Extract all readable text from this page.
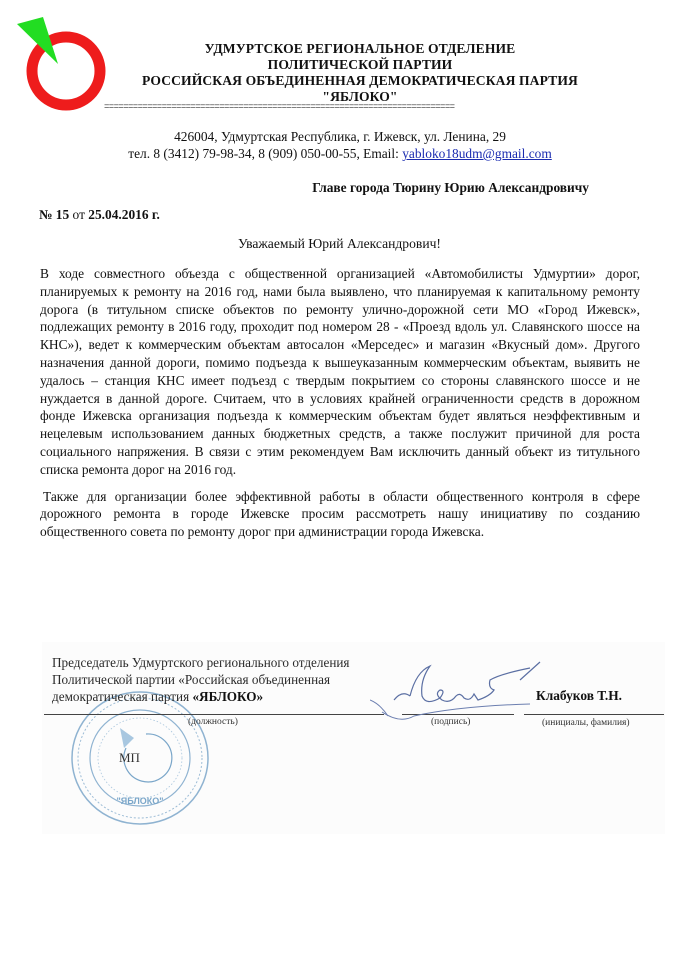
УДМУРТСКОЕ РЕГИОНАЛЬНОЕ ОТДЕЛЕНИЕ
ПОЛИТИЧЕСКОЙ ПАРТИИ
РОССИЙСКАЯ ОБЪЕДИНЕННАЯ ДЕМОКРАТИЧЕСКАЯ ПАРТИЯ
"ЯБЛОКО"
=========================================================================
426004, Удмуртская Республика, г. Ижевск, ул. Ленина, 29
тел. 8 (3412) 79-98-34, 8 (909) 050-00-55, Email: yabloko18udm@gmail.com
Главе города Тюрину Юрию Александровичу
№ 15 от 25.04.2016 г.
Уважаемый Юрий Александрович!

В ходе совместного объезда с общественной организацией «Автомобилисты Удмуртии» дорог, планируемых к ремонту на 2016 год, нами была выявлено, что планируемая к капитальному ремонту дорога (в титульном списке объектов по ремонту улично-дорожной сети МО «Город Ижевск», подлежащих ремонту в 2016 году, проходит под номером 28 - «Проезд вдоль ул. Славянского шоссе на КНС»), ведет к коммерческим объектам автосалон «Мерседес» и магазин «Вкусный дом». Другого назначения данной дороги, помимо подъезда к вышеуказанным коммерческим объектам, выявить не удалось – станция КНС имеет подъезд с твердым покрытием со стороны славянского шоссе и не нуждается в данной дороге. Считаем, что в условиях крайней ограниченности средств в дорожном фонде Ижевска организация подъезда к коммерческим объектам будет являться неэффективным и нецелевым использованием данных бюджетных средств, а также послужит причиной для роста социального напряжения. В связи с этим рекомендуем Вам исключить данный объект из титульного списка ремонта дорог на 2016 год.

Также для организации более эффективной работы в области общественного контроля в сфере дорожного ремонта в городе Ижевске просим рассмотреть нашу инициативу по созданию общественного совета по ремонту дорог при администрации города Ижевска.

"ЯБЛОКО"
Председатель Удмуртского регионального отделения
Политической партии «Российская объединенная
демократическая партия «ЯБЛОКО»
МП
(должность)	(подпись)	(инициалы, фамилия)
Клабуков Т.Н.
